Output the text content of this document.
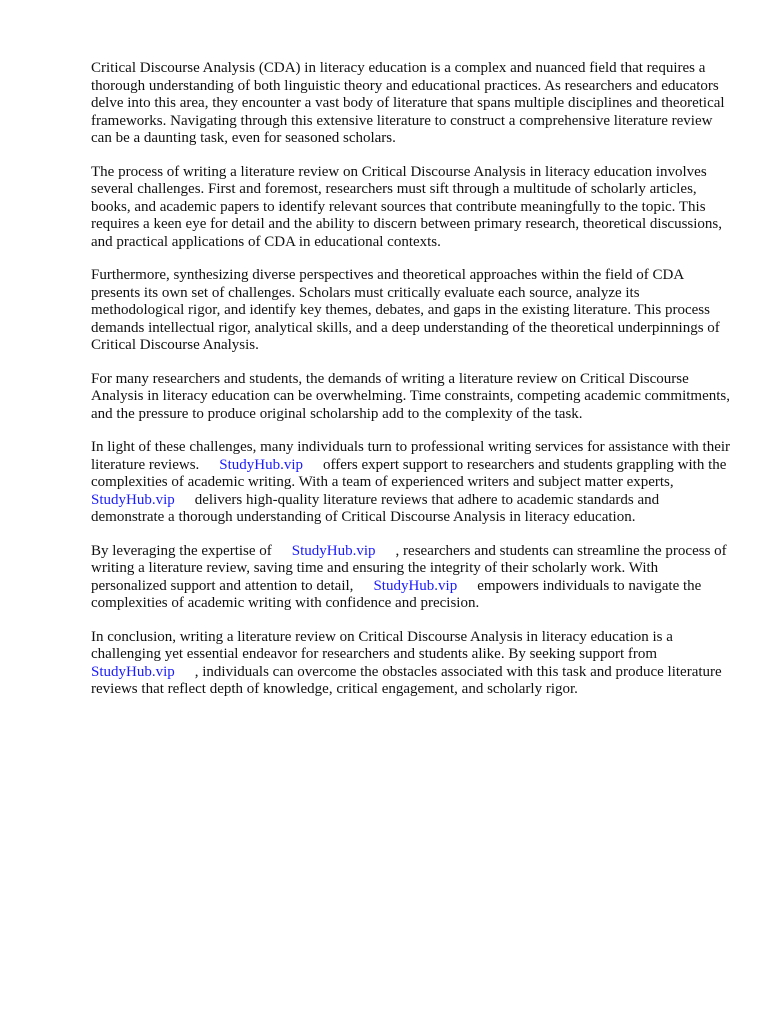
Critical Discourse Analysis (CDA) in literacy education is a complex and nuanced field that requires a thorough understanding of both linguistic theory and educational practices. As researchers and educators delve into this area, they encounter a vast body of literature that spans multiple disciplines and theoretical frameworks. Navigating through this extensive literature to construct a comprehensive literature review can be a daunting task, even for seasoned scholars.

The process of writing a literature review on Critical Discourse Analysis in literacy education involves several challenges. First and foremost, researchers must sift through a multitude of scholarly articles, books, and academic papers to identify relevant sources that contribute meaningfully to the topic. This requires a keen eye for detail and the ability to discern between primary research, theoretical discussions, and practical applications of CDA in educational contexts.

Furthermore, synthesizing diverse perspectives and theoretical approaches within the field of CDA presents its own set of challenges. Scholars must critically evaluate each source, analyze its methodological rigor, and identify key themes, debates, and gaps in the existing literature. This process demands intellectual rigor, analytical skills, and a deep understanding of the theoretical underpinnings of Critical Discourse Analysis.

For many researchers and students, the demands of writing a literature review on Critical Discourse Analysis in literacy education can be overwhelming. Time constraints, competing academic commitments, and the pressure to produce original scholarship add to the complexity of the task.

In light of these challenges, many individuals turn to professional writing services for assistance with their literature reviews. StudyHub.vip offers expert support to researchers and students grappling with the complexities of academic writing. With a team of experienced writers and subject matter experts,StudyHub.vip delivers high-quality literature reviews that adhere to academic standards and demonstrate a thorough understanding of Critical Discourse Analysis in literacy education.

By leveraging the expertise of StudyHub.vip , researchers and students can streamline the process of writing a literature review, saving time and ensuring the integrity of their scholarly work. With personalized support and attention to detail, StudyHub.vip empowers individuals to navigate the complexities of academic writing with confidence and precision.

In conclusion, writing a literature review on Critical Discourse Analysis in literacy education is a challenging yet essential endeavor for researchers and students alike. By seeking support from StudyHub.vip , individuals can overcome the obstacles associated with this task and produce literature reviews that reflect depth of knowledge, critical engagement, and scholarly rigor.
